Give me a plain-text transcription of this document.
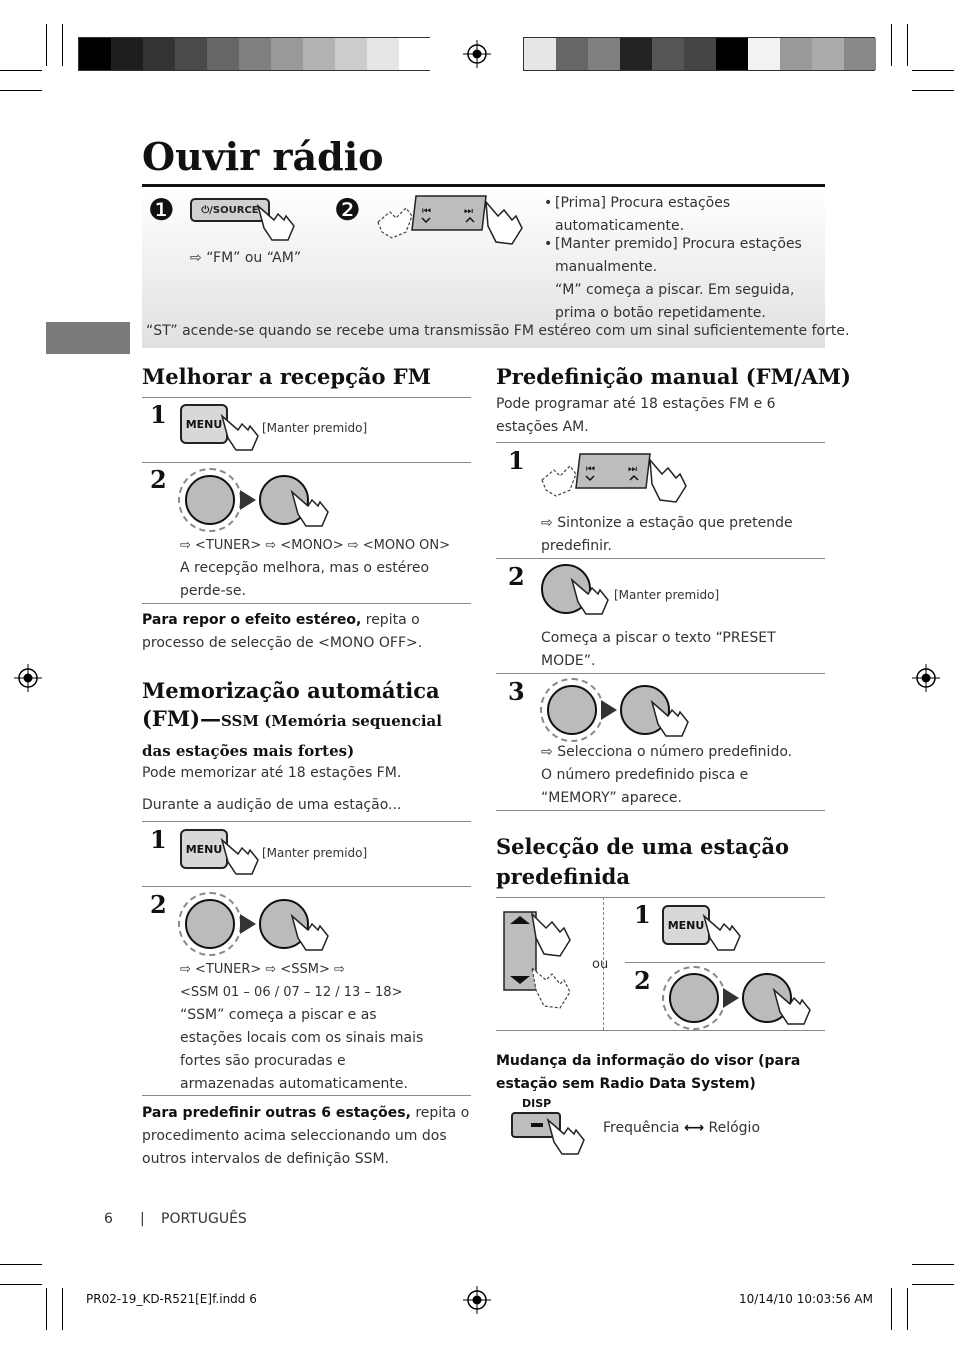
Ouvir rádio
❶	⏻/SOURCE
⇨ “FM” ou “AM”
❷	⏮	⏭
• [Prima] Procura estações automaticamente.
• [Manter premido] Procura estações manualmente.
“M” começa a piscar. Em seguida, prima o botão repetidamente.
“ST” acende-se quando se recebe uma transmissão FM estéreo com um sinal suficientemente forte.
Melhorar a recepção FM
1	MENU	[Manter premido]
2
⇨ <TUNER> ⇨ <MONO> ⇨ <MONO ON>
A recepção melhora, mas o estéreo perde-se.
Para repor o efeito estéreo, repita o processo de selecção de <MONO OFF>.
Memorização automática
(FM)—SSM (Memória sequencial das estações mais fortes)
Pode memorizar até 18 estações FM.
Durante a audição de uma estação...
1	MENU	[Manter premido]
2
⇨ <TUNER> ⇨ <SSM> ⇨
<SSM 01 – 06 / 07 – 12 / 13 – 18>
“SSM” começa a piscar e as estações locais com os sinais mais fortes são procuradas e armazenadas automaticamente.
Para predefinir outras 6 estações, repita o procedimento acima seleccionando um dos outros intervalos de definição SSM.
Predefinição manual (FM/AM)
Pode programar até 18 estações FM e 6 estações AM.
1	⏮	⏭
⇨ Sintonize a estação que pretende predefinir.
2
[Manter premido]
Começa a piscar o texto “PRESET MODE”.
3
⇨ Selecciona o número predefinido.
O número predefinido pisca e “MEMORY” aparece.
Selecção de uma estação predefinida
ou
1	MENU
2
Mudança da informação do visor (para estação sem Radio Data System)
DISP
Frequência ⟷ Relógio
6 | PORTUGUÊS
PR02-19_KD-R521[E]f.indd 6	10/14/10 10:03:56 AM
